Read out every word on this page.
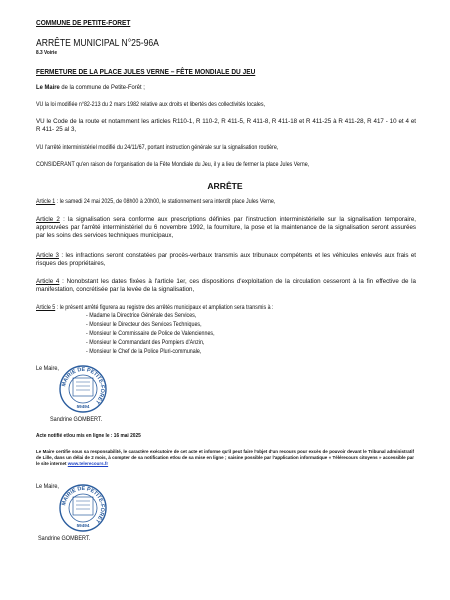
COMMUNE DE PETITE-FORET
ARRÊTE MUNICIPAL N°25-96A
8.3 Voirie
FERMETURE DE LA PLACE JULES VERNE – FÊTE MONDIALE DU JEU
Le Maire de la commune de Petite-Forêt ;
VU la loi modifiée n°82-213 du 2 mars 1982 relative aux droits et libertés des collectivités locales,
VU le Code de la route et notamment les articles R110-1, R 110-2, R 411-5, R 411-8, R 411-18 et R 411-25 à R 411-28, R 417 - 10 et 4 et R 411- 25 al 3,
VU l'arrêté interministériel modifié du 24/11/67, portant instruction générale sur la signalisation routière,
CONSIDÉRANT qu'en raison de l'organisation de la Fête Mondiale du Jeu, il y a lieu de fermer la place Jules Verne,
ARRÊTE
Article 1 : le samedi 24 mai 2025, de 08h00 à 20h00, le stationnement sera interdit place Jules Verne,
Article 2 : la signalisation sera conforme aux prescriptions définies par l'instruction interministérielle sur la signalisation temporaire, approuvées par l'arrêté interministériel du 6 novembre 1992, la fourniture, la pose et la maintenance de la signalisation seront assurées par les soins des services techniques municipaux,
Article 3 : les infractions seront constatées par procès-verbaux transmis aux tribunaux compétents et les véhicules enlevés aux frais et risques des propriétaires,
Article 4 : Nonobstant les dates fixées à l'article 1er, ces dispositions d'exploitation de la circulation cesseront à la fin effective de la manifestation, concrétisée par la levée de la signalisation,
Article 5 : le présent arrêté figurera au registre des arrêtés municipaux et ampliation sera transmis à :
- Madame la Directrice Générale des Services,
- Monsieur le Directeur des Services Techniques,
- Monsieur le Commissaire de Police de Valenciennes,
- Monsieur le Commandant des Pompiers d'Anzin,
- Monsieur le Chef de la Police Pluri-communale,
Le Maire,
MAIRIE DE PETITE-FORÊT
59494
Sandrine GOMBERT.
Acte notifié et/ou mis en ligne le : 16 mai 2025
Le Maire certifie sous sa responsabilité, le caractère exécutoire de cet acte et informe qu'il peut faire l'objet d'un recours pour excès de pouvoir devant le Tribunal administratif de Lille, dans un délai de 2 mois, à compter de sa notification et/ou de sa mise en ligne ; saisine possible par l'application informatique « Télérecours citoyens » accessible par le site internet www.telerecours.fr
Le Maire,
MAIRIE DE PETITE-FORÊT
59494
Sandrine GOMBERT.
